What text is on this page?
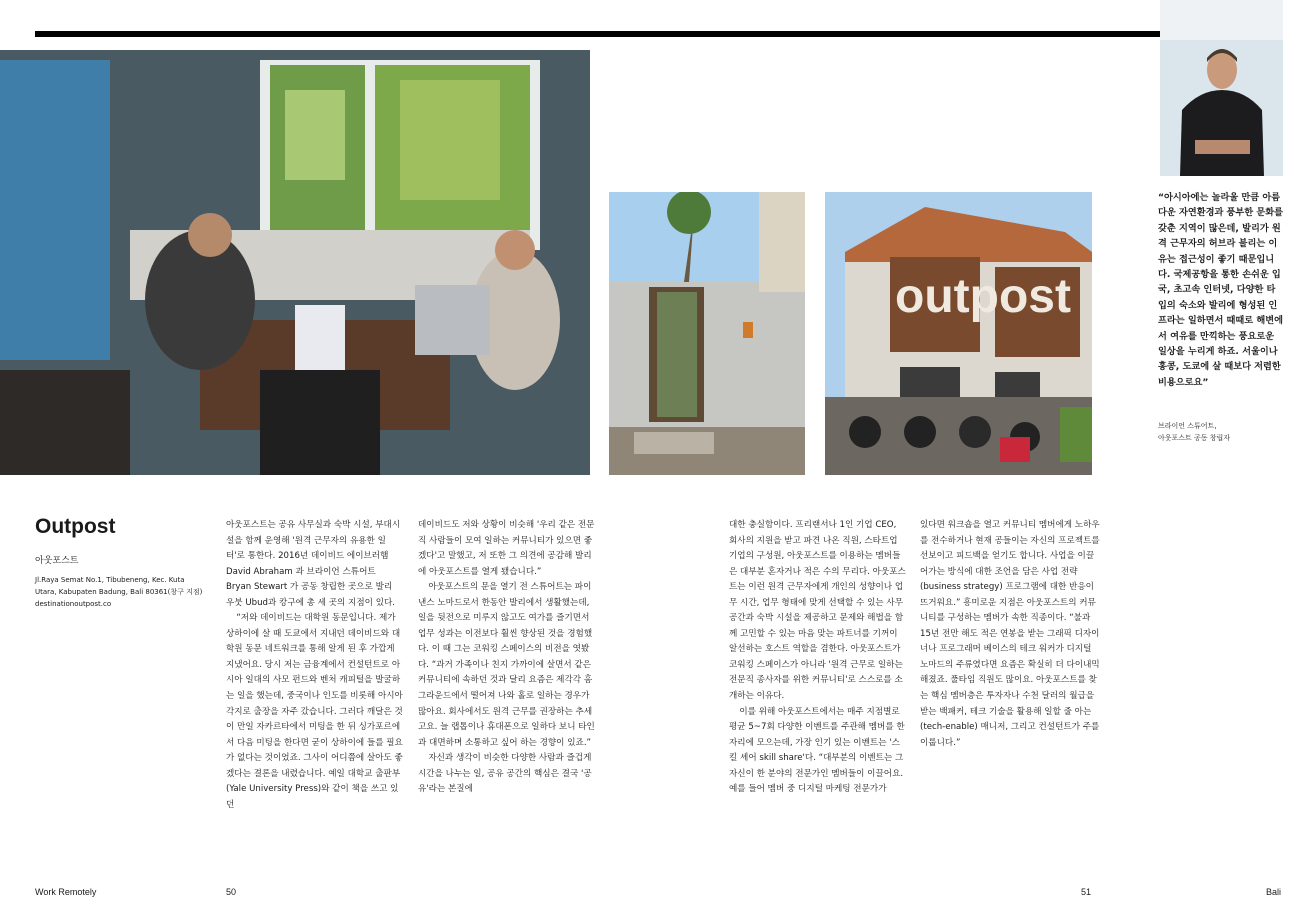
outpost

“아시아에는 놀라울 만큼 아름다운 자연환경과 풍부한 문화를 갖춘 지역이 많은데, 발리가 원격 근무자의 허브라 불리는 이유는 접근성이 좋기 때문입니다. 국제공항을 통한 손쉬운 입국, 초고속 인터넷, 다양한 타입의 숙소와 발리에 형성된 인프라는 일하면서 때때로 해변에서 여유를 만끽하는 풍요로운 일상을 누리게 하죠. 서울이나 홍콩, 도쿄에 살 때보다 저렴한 비용으로요”

브라이언 스튜어트,
아웃포스트 공동 창립자

Outpost

아웃포스트

Jl.Raya Semat No.1, Tibubeneng, Kec. Kuta
Utara, Kabupaten Badung, Bali 80361(창구 지점)
destinationoutpost.co

아웃포스트는 공유 사무실과 숙박 시설, 부대시설을 함께 운영해 '원격 근무자의 유용한 일터'로 통한다. 2016년 데이비드 에이브러햄 David Abraham 과 브라이언 스튜어트 Bryan Stewart 가 공동 창립한 곳으로 발리 우붓 Ubud과 캉구에 총 세 곳의 지점이 있다.

“저와 데이비드는 대학원 동문입니다. 제가 상하이에 살 때 도쿄에서 지내던 데이비드와 대학원 동문 네트워크를 통해 알게 된 후 가깝게 지냈어요. 당시 저는 금융계에서 컨설턴트로 아시아 일대의 사모 펀드와 벤처 캐피털을 발굴하는 일을 했는데, 중국이나 인도를 비롯해 아시아 각지로 출장을 자주 갔습니다. 그러다 깨달은 것이 만일 자카르타에서 미팅을 한 뒤 싱가포르에서 다음 미팅을 한다면 굳이 상하이에 들를 필요가 없다는 것이었죠. 그사이 어디쯤에 살아도 좋겠다는 결론을 내렸습니다. 예일 대학교 출판부(Yale University Press)와 같이 책을 쓰고 있던

데이비드도 저와 상황이 비슷해 '우리 같은 전문직 사람들이 모여 일하는 커뮤니티가 있으면 좋겠다'고 말했고, 저 또한 그 의견에 공감해 발리에 아웃포스트를 열게 됐습니다.”

아웃포스트의 문을 열기 전 스튜어트는 파이낸스 노마드로서 한동안 발리에서 생활했는데, 일을 뒷전으로 미루지 않고도 여가를 즐기면서 업무 성과는 이전보다 훨씬 향상된 것을 경험했다. 이 때 그는 코워킹 스페이스의 비전을 엿봤다. “과거 가족이나 친지 가까이에 살면서 같은 커뮤니티에 속하던 것과 달리 요즘은 제각각 홈그라운드에서 떨어져 나와 홀로 일하는 경우가 많아요. 회사에서도 원격 근무를 권장하는 추세고요. 늘 랩톱이나 휴대폰으로 일하다 보니 타인과 대면하며 소통하고 싶어 하는 경향이 있죠.”

자신과 생각이 비슷한 다양한 사람과 즐겁게 시간을 나누는 일, 공유 공간의 핵심은 결국 '공유'라는 본질에

대한 충실함이다. 프리랜서나 1인 기업 CEO, 회사의 지원을 받고 파견 나온 직원, 스타트업 기업의 구성원, 아웃포스트를 이용하는 멤버들은 대부분 혼자거나 적은 수의 무리다. 아웃포스트는 이런 원격 근무자에게 개인의 성향이나 업무 시간, 업무 형태에 맞게 선택할 수 있는 사무 공간과 숙박 시설을 제공하고 문제와 해법을 함께 고민할 수 있는 마음 맞는 파트너를 기꺼이 알선하는 호스트 역할을 겸한다. 아웃포스트가 코워킹 스페이스가 아니라 '원격 근무로 일하는 전문직 종사자를 위한 커뮤니티'로 스스로를 소개하는 이유다.

이를 위해 아웃포스트에서는 매주 지점별로 평균 5~7회 다양한 이벤트를 주관해 멤버를 한자리에 모으는데, 가장 인기 있는 이벤트는 '스킬 셰어 skill share'다. “대부분의 이벤트는 그 자신이 한 분야의 전문가인 멤버들이 이끌어요. 예를 들어 멤버 중 디지털 마케팅 전문가가

있다면 워크숍을 열고 커뮤니티 멤버에게 노하우를 전수하거나 현재 공들이는 자신의 프로젝트를 선보이고 피드백을 얻기도 합니다. 사업을 이끌어가는 방식에 대한 조언을 담은 사업 전략(business strategy) 프로그램에 대한 반응이 뜨거워요.” 흥미로운 지점은 아웃포스트의 커뮤니티를 구성하는 멤버가 속한 직종이다. “불과 15년 전만 해도 적은 연봉을 받는 그래픽 디자이너나 프로그래머 베이스의 테크 워커가 디지털 노마드의 주류였다면 요즘은 확실히 더 다이내믹해졌죠. 풀타임 직원도 많이요. 아웃포스트를 찾는 핵심 멤버층은 투자자나 수천 달러의 월급을 받는 백패커, 테크 기술을 활용해 일할 줄 아는(tech-enable) 매니저, 그리고 컨설턴트가 주를 이룹니다.”

Work Remotely	50	51	Bali
